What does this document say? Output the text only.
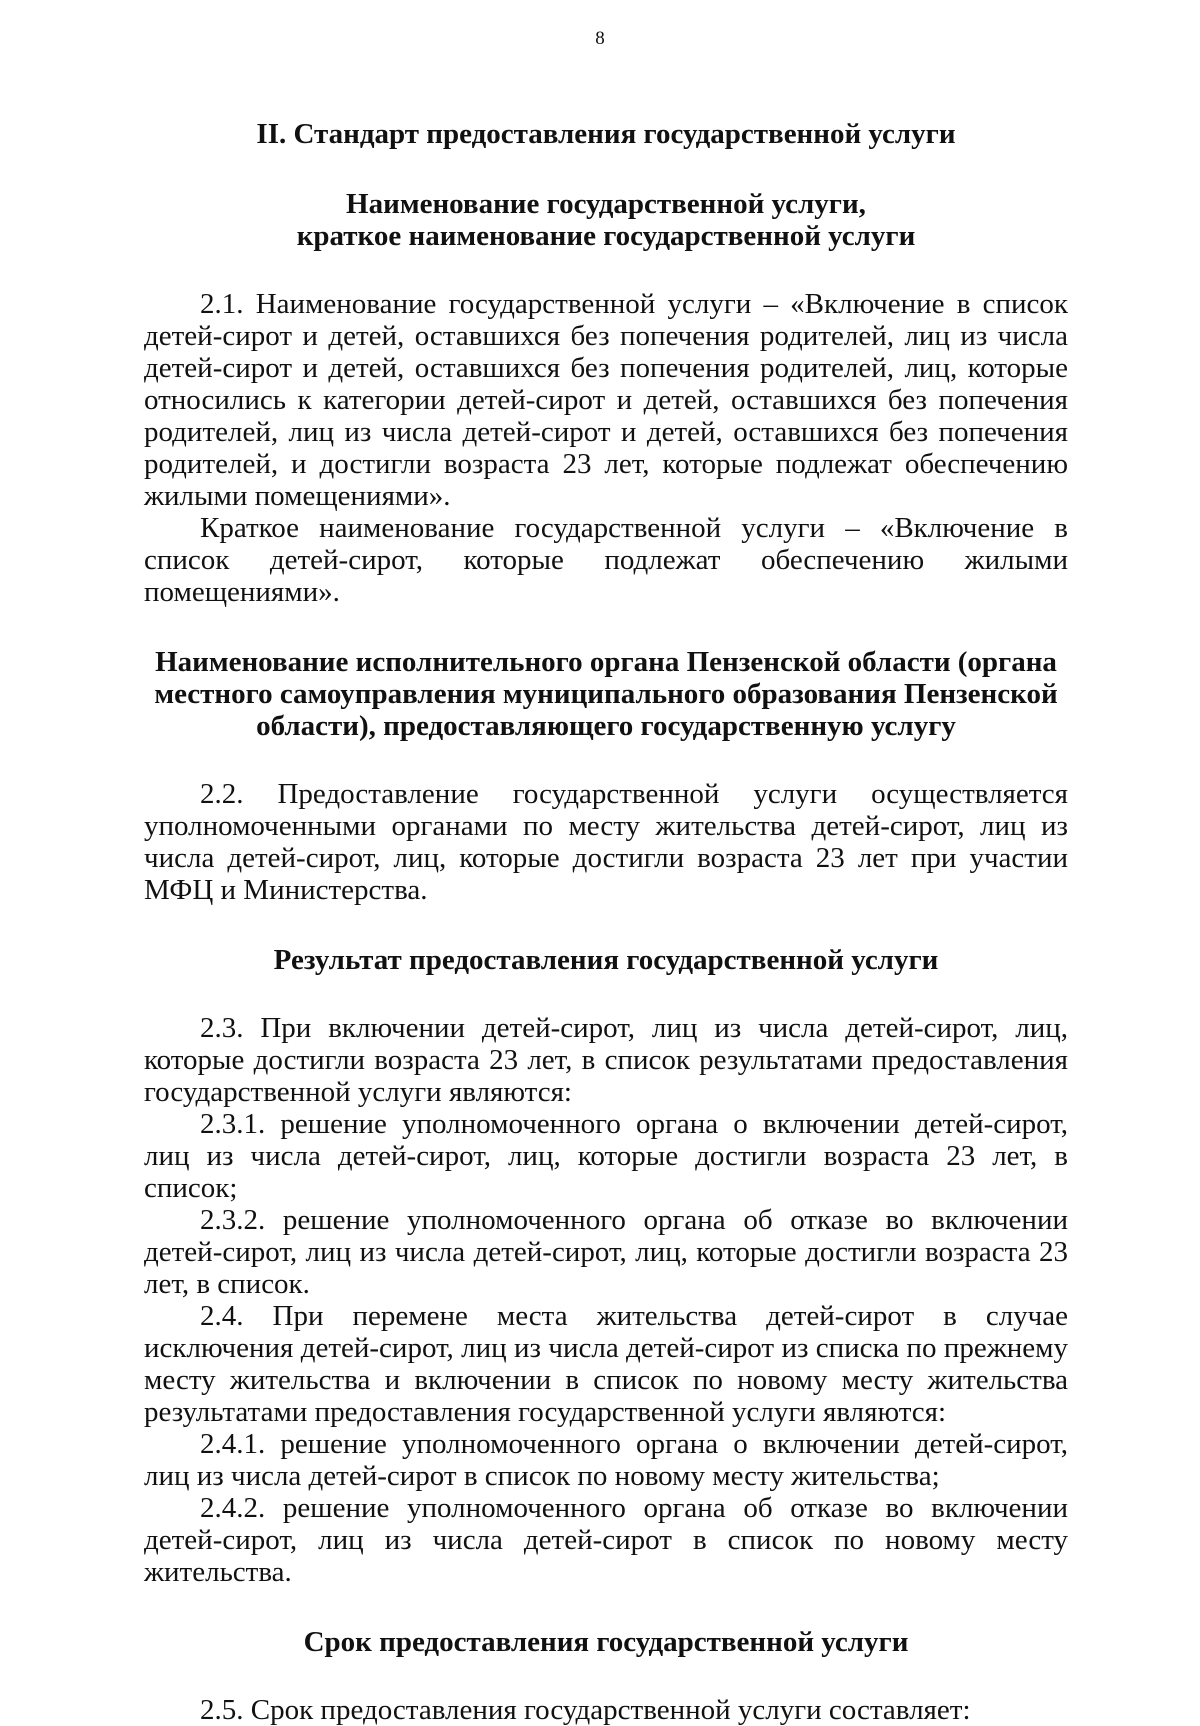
8
II. Стандарт предоставления государственной услуги
Наименование государственной услуги,
краткое наименование государственной услуги

2.1. Наименование государственной услуги – «Включение в список детей-сирот и детей, оставшихся без попечения родителей, лиц из числа детей-сирот и детей, оставшихся без попечения родителей, лиц, которые относились к категории детей-сирот и детей, оставшихся без попечения родителей, лиц из числа детей-сирот и детей, оставшихся без попечения родителей, и достигли возраста 23 лет, которые подлежат обеспечению жилыми помещениями».

Краткое наименование государственной услуги – «Включение в список детей-сирот, которые подлежат обеспечению жилыми помещениями».

Наименование исполнительного органа Пензенской области (органа
местного самоуправления муниципального образования Пензенской
области), предоставляющего государственную услугу

2.2. Предоставление государственной услуги осуществляется уполномоченными органами по месту жительства детей-сирот, лиц из числа детей-сирот, лиц, которые достигли возраста 23 лет при участии МФЦ и Министерства.

Результат предоставления государственной услуги

2.3. При включении детей-сирот, лиц из числа детей-сирот, лиц, которые достигли возраста 23 лет, в список результатами предоставления государственной услуги являются:

2.3.1. решение уполномоченного органа о включении детей-сирот, лиц из числа детей-сирот, лиц, которые достигли возраста 23 лет, в список;

2.3.2. решение уполномоченного органа об отказе во включении детей-сирот, лиц из числа детей-сирот, лиц, которые достигли возраста 23 лет, в список.

2.4. При перемене места жительства детей-сирот в случае исключения детей-сирот, лиц из числа детей-сирот из списка по прежнему месту жительства и включении в список по новому месту жительства результатами предоставления государственной услуги являются:

2.4.1. решение уполномоченного органа о включении детей-сирот, лиц из числа детей-сирот в список по новому месту жительства;

2.4.2. решение уполномоченного органа об отказе во включении детей-сирот, лиц из числа детей-сирот в список по новому месту жительства.

Срок предоставления государственной услуги

2.5. Срок предоставления государственной услуги составляет:
